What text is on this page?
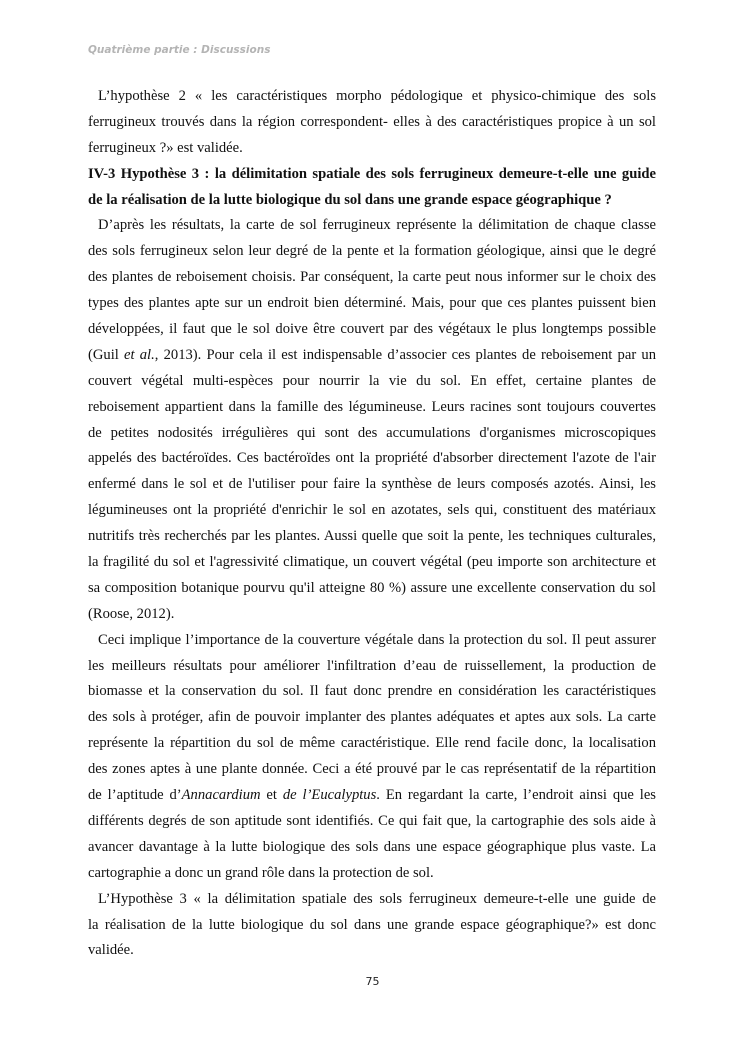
Quatrième partie : Discussions
L’hypothèse 2 « les caractéristiques morpho pédologique et physico-chimique des sols
ferrugineux trouvés dans la région correspondent- elles à des caractéristiques propice à un sol
ferrugineux ?» est validée.
IV-3 Hypothèse 3 : la délimitation spatiale des sols ferrugineux demeure-t-elle une guide
de la réalisation de la lutte biologique du sol dans une grande espace géographique ?
D’après les résultats, la carte de sol ferrugineux représente la délimitation de chaque classe
des sols ferrugineux selon leur degré de la pente et la formation géologique, ainsi que le degré
des plantes de reboisement choisis. Par conséquent, la carte peut nous informer sur le choix des
types des plantes apte sur un endroit bien déterminé. Mais, pour que ces plantes puissent bien
développées, il faut que le sol doive être couvert par des végétaux le plus longtemps possible
(Guil et al., 2013). Pour cela il est indispensable d’associer ces plantes de reboisement par un
couvert végétal multi-espèces pour nourrir la vie du sol. En effet, certaine plantes de
reboisement appartient dans la famille des légumineuse. Leurs racines sont toujours couvertes
de petites nodosités irrégulières qui sont des accumulations d'organismes microscopiques
appelés des bactéroïdes. Ces bactéroïdes ont la propriété d'absorber directement l'azote de l'air
enfermé dans le sol et de l'utiliser pour faire la synthèse de leurs composés azotés. Ainsi, les
légumineuses ont la propriété d'enrichir le sol en azotates, sels qui, constituent des matériaux
nutritifs très recherchés par les plantes. Aussi quelle que soit la pente, les techniques culturales,
la fragilité du sol et l'agressivité climatique, un couvert végétal (peu importe son architecture et
sa composition botanique pourvu qu'il atteigne 80 %) assure une excellente conservation du sol
(Roose, 2012).
Ceci implique l’importance de la couverture végétale dans la protection du sol. Il peut assurer
les meilleurs résultats pour améliorer l'infiltration d’eau de ruissellement, la production de
biomasse et la conservation du sol. Il faut donc prendre en considération les caractéristiques
des sols à protéger, afin de pouvoir implanter des plantes adéquates et aptes aux sols. La carte
représente la répartition du sol de même caractéristique. Elle rend facile donc, la localisation
des zones aptes à une plante donnée. Ceci a été prouvé par le cas représentatif de la répartition
de l’aptitude d’Annacardium et de l’Eucalyptus. En regardant la carte, l’endroit ainsi que les
différents degrés de son aptitude sont identifiés. Ce qui fait que, la cartographie des sols aide à
avancer davantage à la lutte biologique des sols dans une espace géographique plus vaste. La
cartographie a donc un grand rôle dans la protection de sol.
L’Hypothèse 3 « la délimitation spatiale des sols ferrugineux demeure-t-elle une guide de
la réalisation de la lutte biologique du sol dans une grande espace géographique?» est donc
validée.
75
